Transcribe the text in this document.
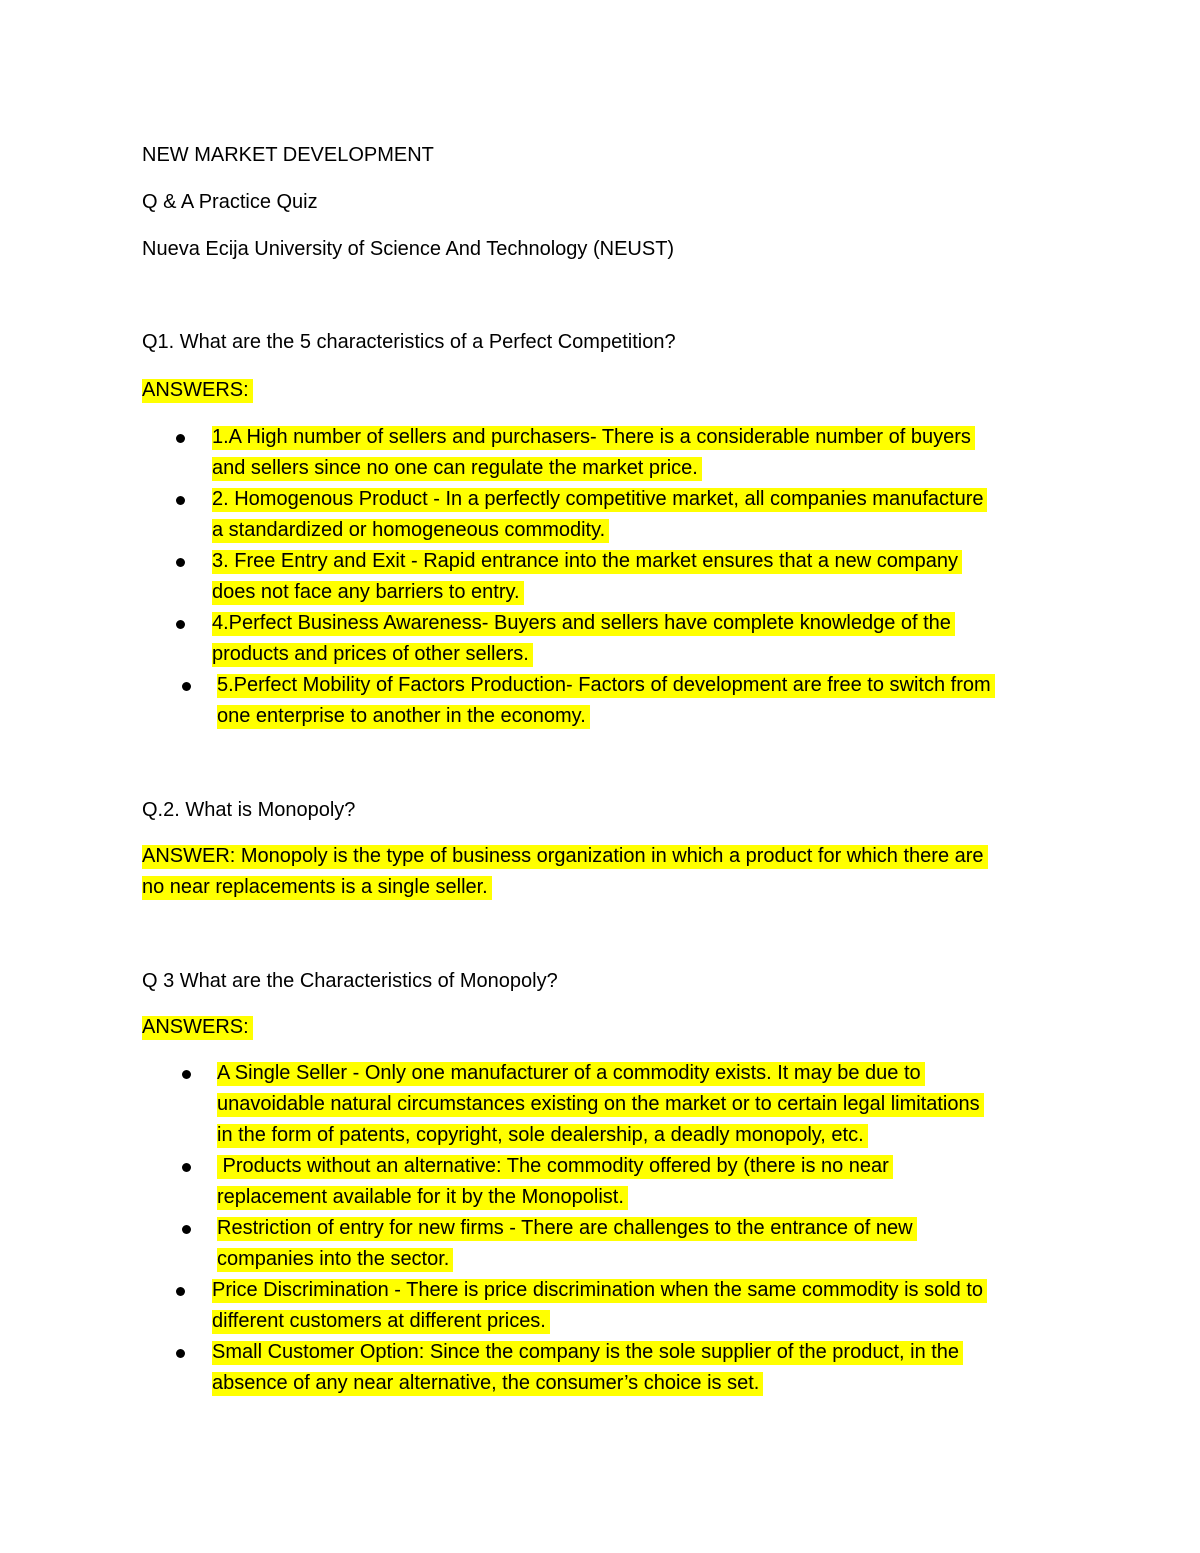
NEW MARKET DEVELOPMENT
Q & A Practice Quiz
Nueva Ecija University of Science And Technology (NEUST)
Q1. What are the 5 characteristics of a Perfect Competition?
ANSWERS:
1.A High number of sellers and purchasers- There is a considerable number of buyers
and sellers since no one can regulate the market price.
2. Homogenous Product - In a perfectly competitive market, all companies manufacture
a standardized or homogeneous commodity.
3. Free Entry and Exit - Rapid entrance into the market ensures that a new company
does not face any barriers to entry.
4.Perfect Business Awareness- Buyers and sellers have complete knowledge of the
products and prices of other sellers.
5.Perfect Mobility of Factors Production- Factors of development are free to switch from
one enterprise to another in the economy.
Q.2. What is Monopoly?
ANSWER: Monopoly is the type of business organization in which a product for which there are
no near replacements is a single seller.
Q 3 What are the Characteristics of Monopoly?
ANSWERS:
A Single Seller - Only one manufacturer of a commodity exists. It may be due to
unavoidable natural circumstances existing on the market or to certain legal limitations
in the form of patents, copyright, sole dealership, a deadly monopoly, etc.
Products without an alternative: The commodity offered by (there is no near
replacement available for it by the Monopolist.
Restriction of entry for new firms - There are challenges to the entrance of new
companies into the sector.
Price Discrimination - There is price discrimination when the same commodity is sold to
different customers at different prices.
Small Customer Option: Since the company is the sole supplier of the product, in the
absence of any near alternative, the consumer’s choice is set.
